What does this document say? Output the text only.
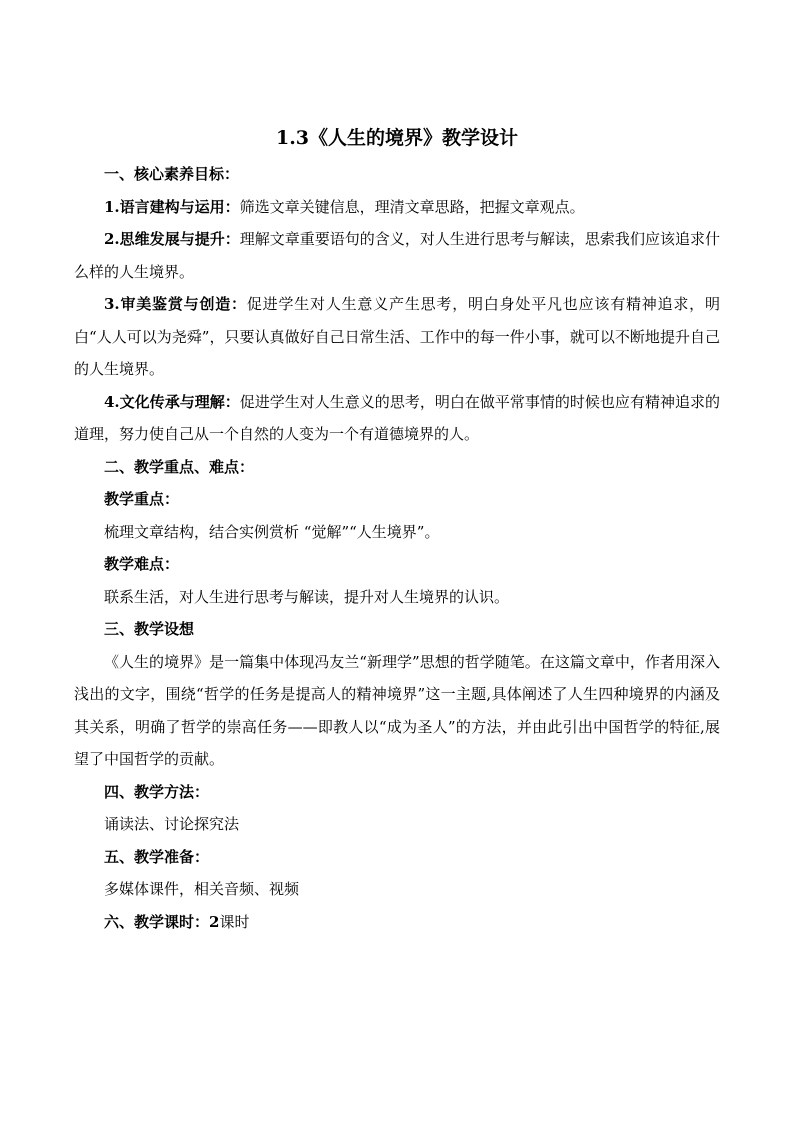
1.3《人生的境界》教学设计

一、核心素养目标：

1.语言建构与运用：筛选文章关键信息，理清文章思路，把握文章观点。

2.思维发展与提升：理解文章重要语句的含义，对人生进行思考与解读，思索我们应该追求什么样的人生境界。

3.审美鉴赏与创造：促进学生对人生意义产生思考，明白身处平凡也应该有精神追求，明白“人人可以为尧舜”，只要认真做好自己日常生活、工作中的每一件小事，就可以不断地提升自己的人生境界。

4.文化传承与理解：促进学生对人生意义的思考，明白在做平常事情的时候也应有精神追求的道理，努力使自己从一个自然的人变为一个有道德境界的人。

二、教学重点、难点：

教学重点：

梳理文章结构，结合实例赏析 “觉解”“人生境界”。

教学难点：

联系生活，对人生进行思考与解读，提升对人生境界的认识。

三、教学设想

《人生的境界》是一篇集中体现冯友兰“新理学”思想的哲学随笔。在这篇文章中，作者用深入浅出的文字，围绕“哲学的任务是提高人的精神境界”这一主题,具体阐述了人生四种境界的内涵及其关系，明确了哲学的崇高任务——即教人以“成为圣人”的方法，并由此引出中国哲学的特征,展望了中国哲学的贡献。

四、教学方法：

诵读法、讨论探究法

五、教学准备：

多媒体课件，相关音频、视频

六、教学课时：2课时
